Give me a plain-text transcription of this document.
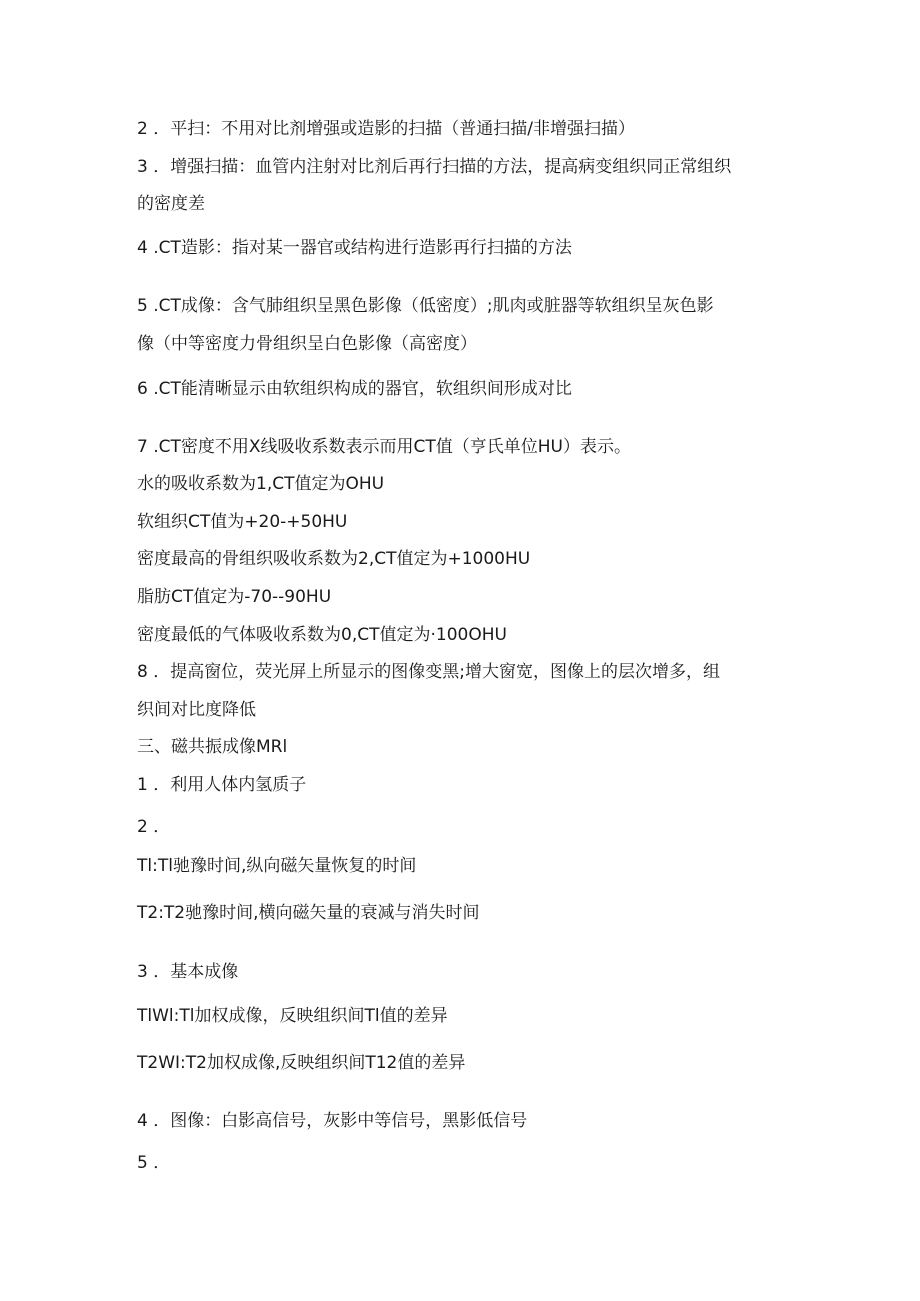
2 ．平扫：不用对比剂增强或造影的扫描（普通扫描/非增强扫描）

3 ．增强扫描：血管内注射对比剂后再行扫描的方法，提高病变组织同正常组织

的密度差

4 .CT造影：指对某一器官或结构进行造影再行扫描的方法

5 .CT成像：含气肺组织呈黑色影像（低密度）;肌肉或脏器等软组织呈灰色影

像（中等密度力骨组织呈白色影像（高密度）

6 .CT能清晰显示由软组织构成的器官，软组织间形成对比

7 .CT密度不用X线吸收系数表示而用CT值（亨氏单位HU）表示。

水的吸收系数为1,CT值定为OHU

软组织CT值为+20-+50HU

密度最高的骨组织吸收系数为2,CT值定为+1000HU

脂肪CT值定为-70--90HU

密度最低的气体吸收系数为0,CT值定为·100OHU

8 ．提高窗位，荧光屏上所显示的图像变黑;增大窗宽，图像上的层次增多，组

织间对比度降低

三、磁共振成像MRl

1 ．利用人体内氢质子

2 ．

Tl:Tl驰豫时间,纵向磁矢量恢复的时间

T2:T2驰豫时间,横向磁矢量的衰减与消失时间

3 ．基本成像

TlWl:Tl加权成像，反映组织间Tl值的差异

T2WI:T2加权成像,反映组织间T12值的差异

4 ．图像：白影高信号，灰影中等信号，黑影低信号

5 ．
